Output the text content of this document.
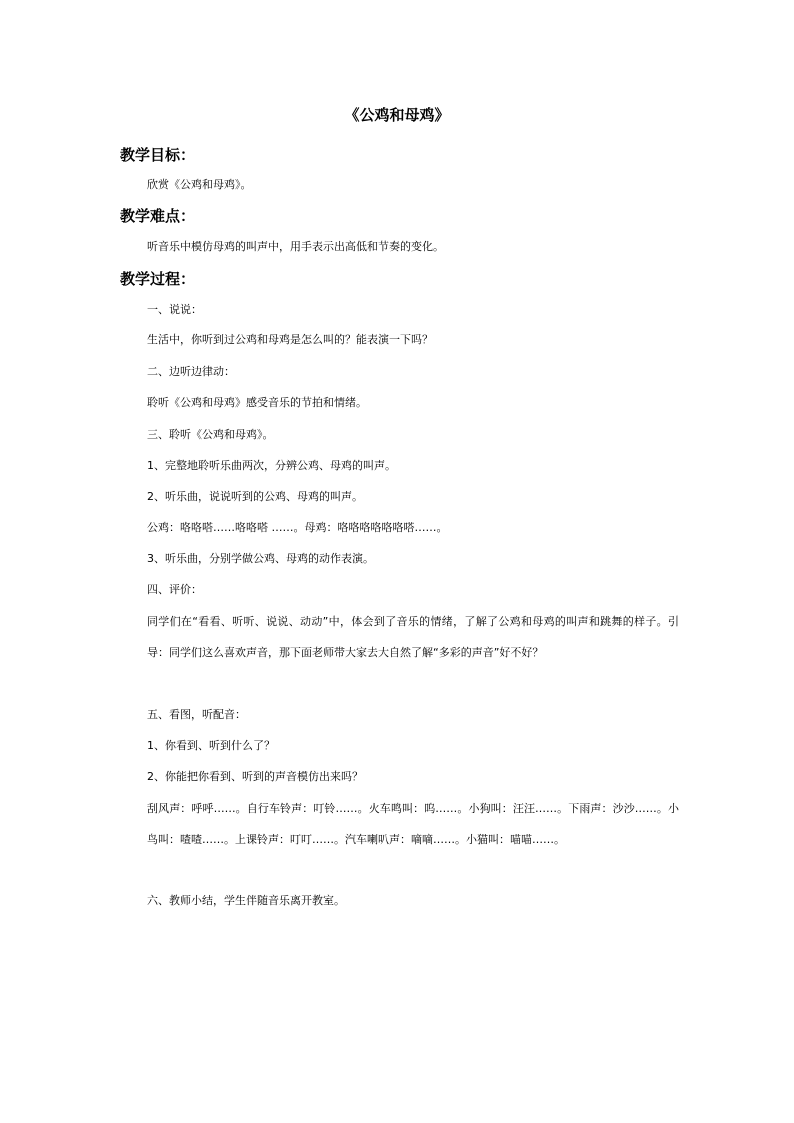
《公鸡和母鸡》
教学目标：
欣赏《公鸡和母鸡》。
教学难点：
听音乐中模仿母鸡的叫声中，用手表示出高低和节奏的变化。
教学过程：
一、说说：
生活中，你听到过公鸡和母鸡是怎么叫的？能表演一下吗？
二、边听边律动：
聆听《公鸡和母鸡》感受音乐的节拍和情绪。
三、聆听《公鸡和母鸡》。
1、完整地聆听乐曲两次，分辨公鸡、母鸡的叫声。
2、听乐曲，说说听到的公鸡、母鸡的叫声。
公鸡：咯咯嗒……咯咯嗒 ……。母鸡：咯咯咯咯咯咯嗒……。
3、听乐曲，分别学做公鸡、母鸡的动作表演。
四、评价：
同学们在“看看、听听、说说、动动”中，体会到了音乐的情绪，了解了公鸡和母鸡的叫声和跳舞的样子。引导：同学们这么喜欢声音，那下面老师带大家去大自然了解“多彩的声音”好不好？
五、看图，听配音：
1、你看到、听到什么了？
2、你能把你看到、听到的声音模仿出来吗？
刮风声：呼呼……。自行车铃声：叮铃……。火车鸣叫：呜……。小狗叫：汪汪……。下雨声：沙沙……。小鸟叫：喳喳……。上课铃声：叮叮……。汽车喇叭声：嘀嘀……。小猫叫：喵喵……。
六、教师小结，学生伴随音乐离开教室。
